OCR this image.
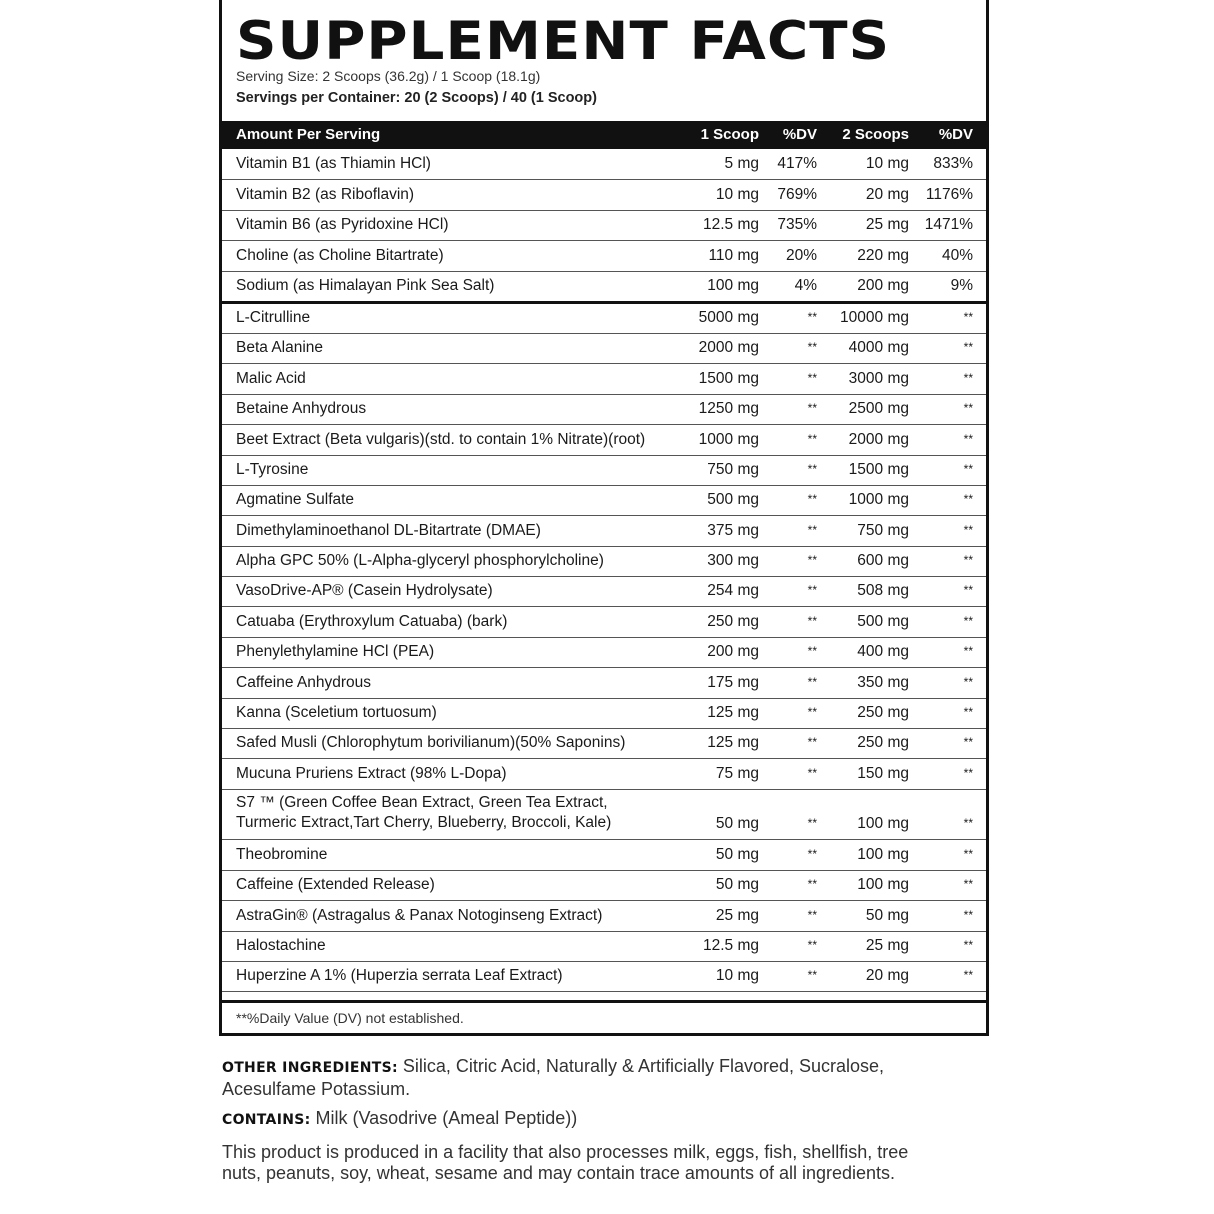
SUPPLEMENT FACTS
Serving Size: 2 Scoops (36.2g) / 1 Scoop (18.1g)
Servings per Container: 20 (2 Scoops) / 40 (1 Scoop)
Amount Per Serving	1 Scoop %DV 2 Scoops %DV
Vitamin B1 (as Thiamin HCl)	5 mg 417%	10 mg 833%
Vitamin B2 (as Riboflavin)	10 mg 769%	20 mg 1176%
Vitamin B6 (as Pyridoxine HCl)	12.5 mg 735%	25 mg 1471%
Choline (as Choline Bitartrate)	110 mg 20%	220 mg 40%
Sodium (as Himalayan Pink Sea Salt)	100 mg 4%	200 mg	9%
L-Citrulline	5000 mg	** 10000 mg	**
Beta Alanine	2000 mg	** 4000 mg	**
Malic Acid	1500 mg	** 3000 mg	**
Betaine Anhydrous	1250 mg	** 2500 mg	**
Beet Extract (Beta vulgaris)(std. to contain 1% Nitrate)(root)	1000 mg	** 2000 mg	**
L-Tyrosine	750 mg	** 1500 mg	**
Agmatine Sulfate	500 mg	** 1000 mg	**
Dimethylaminoethanol DL-Bitartrate (DMAE)	375 mg	**	750 mg	**
Alpha GPC 50% (L-Alpha-glyceryl phosphorylcholine)	300 mg	**	600 mg	**
VasoDrive-AP® (Casein Hydrolysate)	254 mg	**	508 mg	**
Catuaba (Erythroxylum Catuaba) (bark)	250 mg	**	500 mg	**
Phenylethylamine HCl (PEA)	200 mg	**	400 mg	**
Caffeine Anhydrous	175 mg	**	350 mg	**
Kanna (Sceletium tortuosum)	125 mg	**	250 mg	**
Safed Musli (Chlorophytum borivilianum)(50% Saponins)	125 mg	**	250 mg	**
Mucuna Pruriens Extract (98% L-Dopa)	75 mg	**	150 mg	**
S7 ™ (Green Coffee Bean Extract, Green Tea Extract,
Turmeric Extract,Tart Cherry, Blueberry, Broccoli, Kale)	50 mg	**	100 mg	**
Theobromine	50 mg	**	100 mg	**
Caffeine (Extended Release)	50 mg	**	100 mg	**
AstraGin® (Astragalus & Panax Notoginseng Extract)	25 mg	**	50 mg	**
Halostachine	12.5 mg	**	25 mg	**
Huperzine A 1% (Huperzia serrata Leaf Extract)	10 mg	**	20 mg	**
**%Daily Value (DV) not established.
OTHER INGREDIENTS: Silica, Citric Acid, Naturally & Artificially Flavored, Sucralose, Acesulfame Potassium.
CONTAINS: Milk (Vasodrive (Ameal Peptide))
This product is produced in a facility that also processes milk, eggs, fish, shellfish, tree nuts, peanuts, soy, wheat, sesame and may contain trace amounts of all ingredients.
